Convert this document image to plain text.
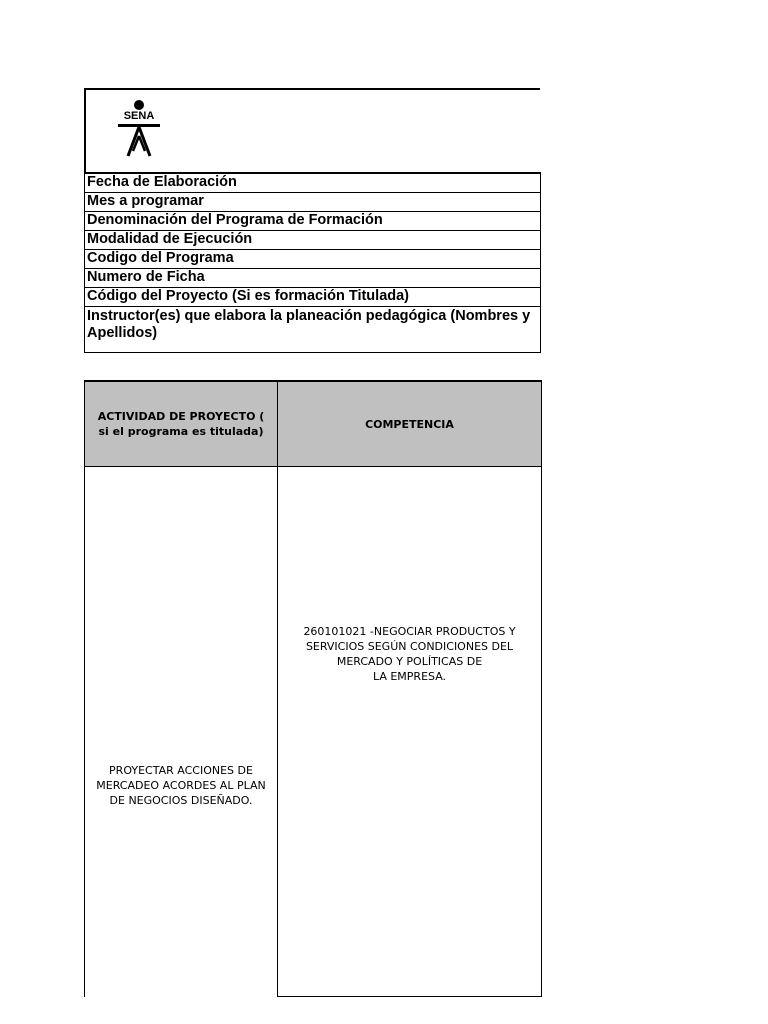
SENA
Fecha de Elaboración
Mes a programar
Denominación del Programa de Formación
Modalidad de Ejecución
Codigo del Programa
Numero de Ficha
Código del Proyecto (Si es formación Titulada)
Instructor(es) que elabora la planeación pedagógica (Nombres y Apellidos)
ACTIVIDAD DE PROYECTO ( si el programa es titulada)	COMPETENCIA
PROYECTAR ACCIONES DE MERCADEO ACORDES AL PLAN DE NEGOCIOS DISEÑADO.	260101021 -NEGOCIAR PRODUCTOS Y SERVICIOS SEGÚN CONDICIONES DEL MERCADO Y POLÍTICAS DE
LA EMPRESA.
